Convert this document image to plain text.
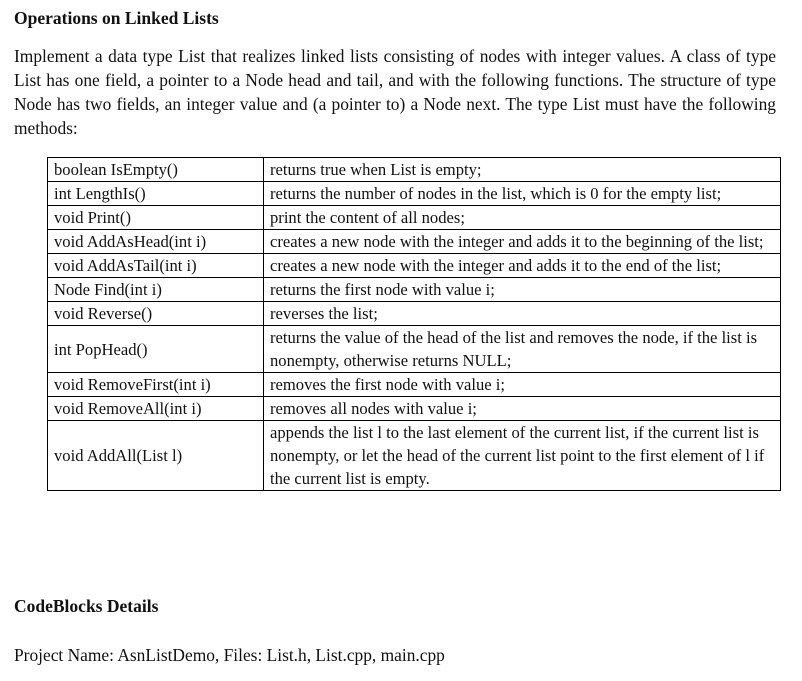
Operations on Linked Lists
Implement a data type List that realizes linked lists consisting of nodes with integer values. A class of type List has one field, a pointer to a Node head and tail, and with the following functions. The structure of type Node has two fields, an integer value and (a pointer to) a Node next. The type List must have the following methods:
boolean IsEmpty()	returns true when List is empty;
int LengthIs()	returns the number of nodes in the list, which is 0 for the empty list;
void Print()	print the content of all nodes;
void AddAsHead(int i)	creates a new node with the integer and adds it to the beginning of the list;
void AddAsTail(int i)	creates a new node with the integer and adds it to the end of the list;
Node Find(int i)	returns the first node with value i;
void Reverse()	reverses the list;
int PopHead()	returns the value of the head of the list and removes the node, if the list is nonempty, otherwise returns NULL;
void RemoveFirst(int i)	removes the first node with value i;
void RemoveAll(int i)	removes all nodes with value i;
void AddAll(List l)	appends the list l to the last element of the current list, if the current list is nonempty, or let the head of the current list point to the first element of l if the current list is empty.
CodeBlocks Details
Project Name: AsnListDemo, Files: List.h, List.cpp, main.cpp
